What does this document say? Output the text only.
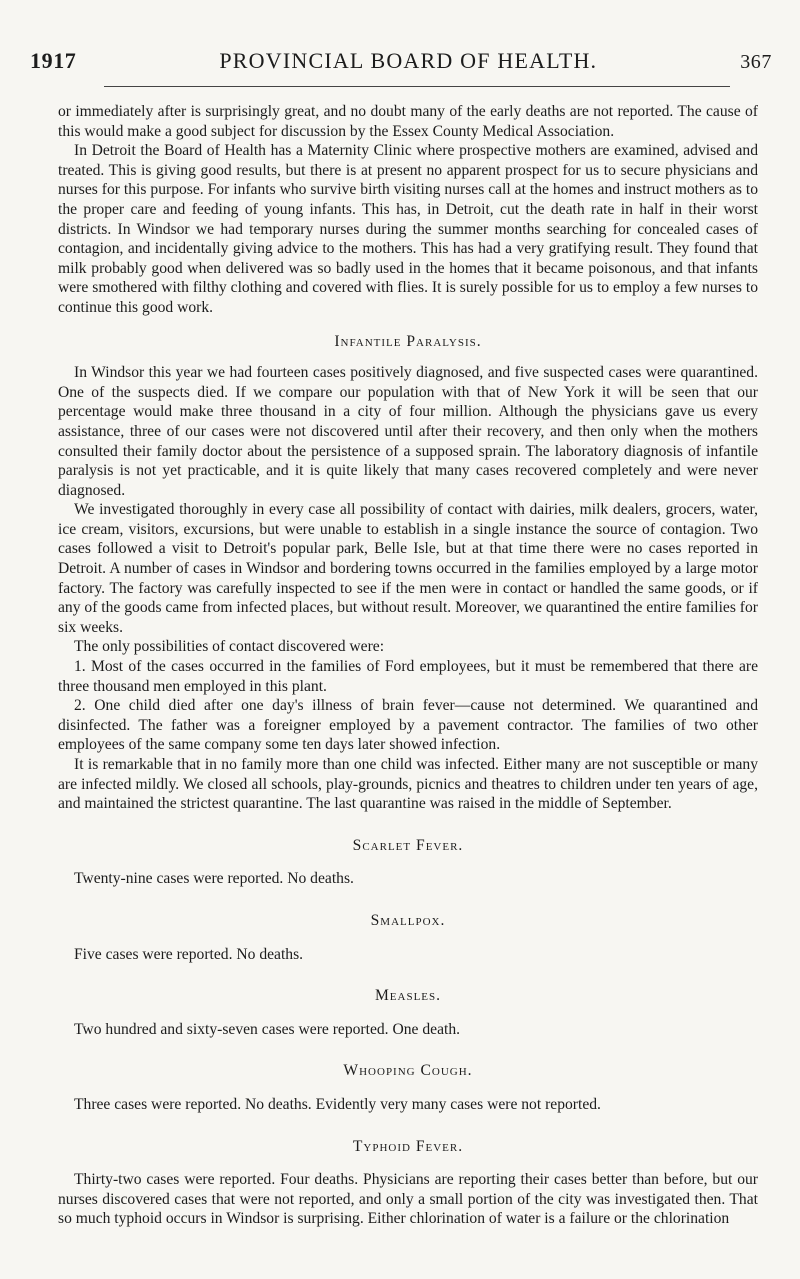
1917	PROVINCIAL BOARD OF HEALTH.	367

or immediately after is surprisingly great, and no doubt many of the early deaths are not reported. The cause of this would make a good subject for discussion by the Essex County Medical Association.

In Detroit the Board of Health has a Maternity Clinic where prospective mothers are examined, advised and treated. This is giving good results, but there is at present no apparent prospect for us to secure physicians and nurses for this purpose. For infants who survive birth visiting nurses call at the homes and instruct mothers as to the proper care and feeding of young infants. This has, in Detroit, cut the death rate in half in their worst districts. In Windsor we had temporary nurses during the summer months searching for concealed cases of contagion, and incidentally giving advice to the mothers. This has had a very gratifying result. They found that milk probably good when delivered was so badly used in the homes that it became poisonous, and that infants were smothered with filthy clothing and covered with flies. It is surely possible for us to employ a few nurses to continue this good work.

Infantile Paralysis.

In Windsor this year we had fourteen cases positively diagnosed, and five suspected cases were quarantined. One of the suspects died. If we compare our population with that of New York it will be seen that our percentage would make three thousand in a city of four million. Although the physicians gave us every assistance, three of our cases were not discovered until after their recovery, and then only when the mothers consulted their family doctor about the persistence of a supposed sprain. The laboratory diagnosis of infantile paralysis is not yet practicable, and it is quite likely that many cases recovered completely and were never diagnosed.

We investigated thoroughly in every case all possibility of contact with dairies, milk dealers, grocers, water, ice cream, visitors, excursions, but were unable to establish in a single instance the source of contagion. Two cases followed a visit to Detroit's popular park, Belle Isle, but at that time there were no cases reported in Detroit. A number of cases in Windsor and bordering towns occurred in the families employed by a large motor factory. The factory was carefully inspected to see if the men were in contact or handled the same goods, or if any of the goods came from infected places, but without result. Moreover, we quarantined the entire families for six weeks.

The only possibilities of contact discovered were:

1. Most of the cases occurred in the families of Ford employees, but it must be remembered that there are three thousand men employed in this plant.

2. One child died after one day's illness of brain fever—cause not determined. We quarantined and disinfected. The father was a foreigner employed by a pavement contractor. The families of two other employees of the same company some ten days later showed infection.

It is remarkable that in no family more than one child was infected. Either many are not susceptible or many are infected mildly. We closed all schools, play-grounds, picnics and theatres to children under ten years of age, and maintained the strictest quarantine. The last quarantine was raised in the middle of September.

Scarlet Fever.

Twenty-nine cases were reported. No deaths.

Smallpox.

Five cases were reported. No deaths.

Measles.

Two hundred and sixty-seven cases were reported. One death.

Whooping Cough.

Three cases were reported. No deaths. Evidently very many cases were not reported.

Typhoid Fever.

Thirty-two cases were reported. Four deaths. Physicians are reporting their cases better than before, but our nurses discovered cases that were not reported, and only a small portion of the city was investigated then. That so much typhoid occurs in Windsor is surprising. Either chlorination of water is a failure or the chlorination
